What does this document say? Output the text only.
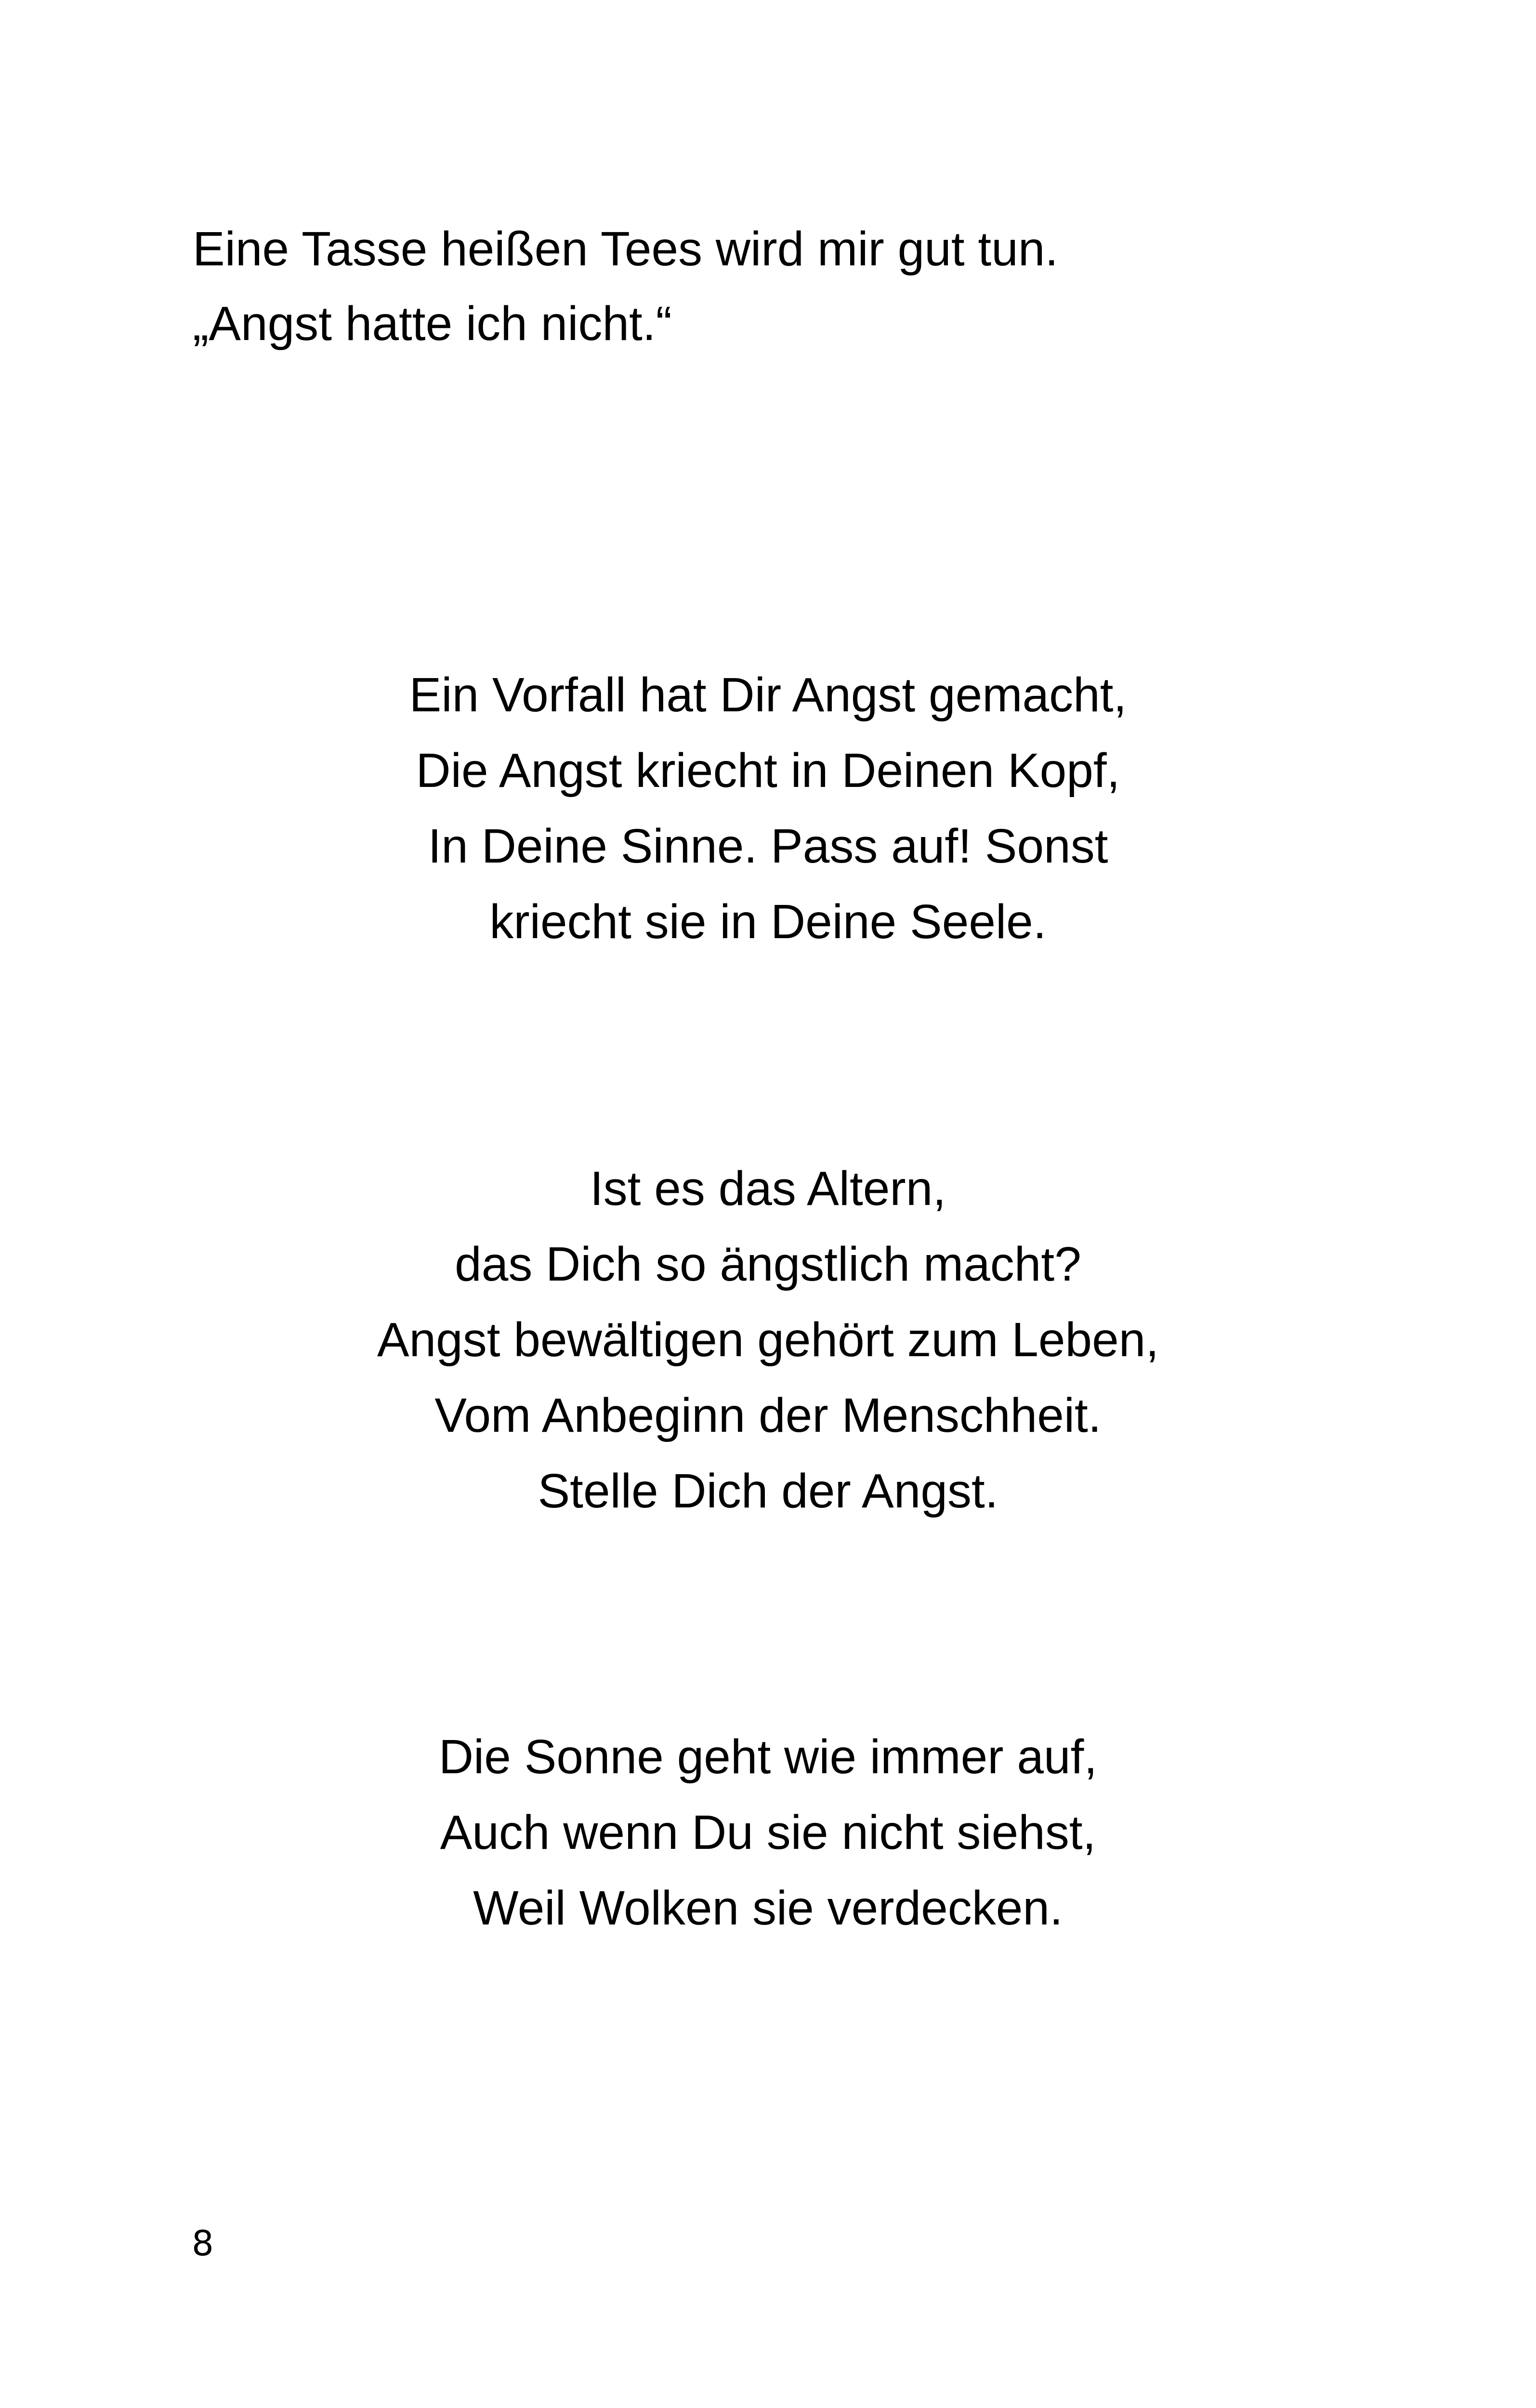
Eine Tasse heißen Tees wird mir gut tun.
„Angst hatte ich nicht.“
Ein Vorfall hat Dir Angst gemacht,
Die Angst kriecht in Deinen Kopf,
In Deine Sinne. Pass auf! Sonst
kriecht sie in Deine Seele.
Ist es das Altern,
das Dich so ängstlich macht?
Angst bewältigen gehört zum Leben,
Vom Anbeginn der Menschheit.
Stelle Dich der Angst.
Die Sonne geht wie immer auf,
Auch wenn Du sie nicht siehst,
Weil Wolken sie verdecken.
8
